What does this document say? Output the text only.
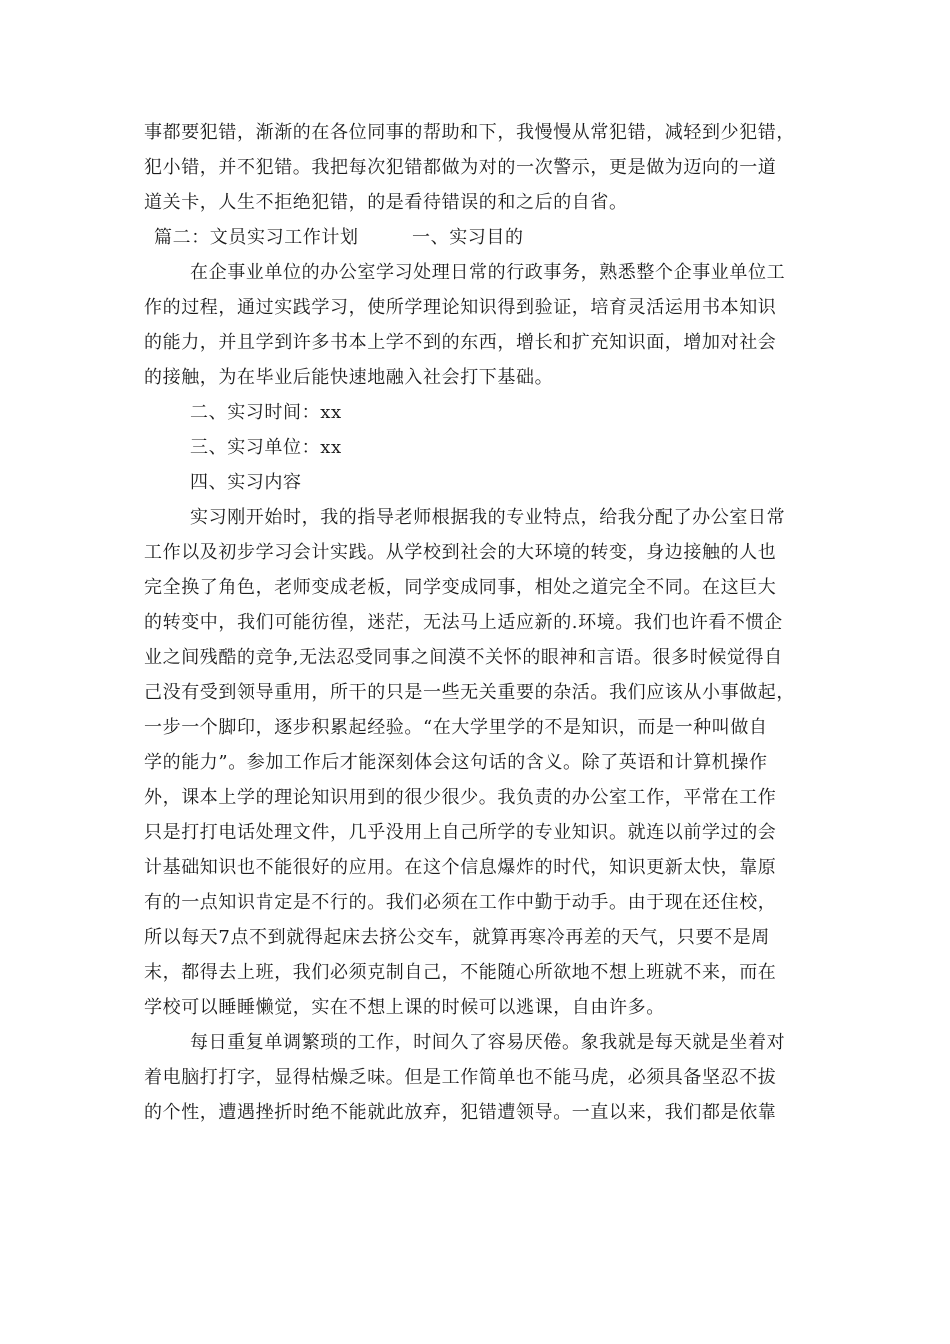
事都要犯错，渐渐的在各位同事的帮助和下，我慢慢从常犯错，减轻到少犯错，
犯小错，并不犯错。我把每次犯错都做为对的一次警示，更是做为迈向的一道
道关卡，人生不拒绝犯错，的是看待错误的和之后的自省。
篇二：文员实习工作计划	一、实习目的
在企事业单位的办公室学习处理日常的行政事务，熟悉整个企事业单位工
作的过程，通过实践学习，使所学理论知识得到验证，培育灵活运用书本知识
的能力，并且学到许多书本上学不到的东西，增长和扩充知识面，增加对社会
的接触，为在毕业后能快速地融入社会打下基础。
二、实习时间：xx
三、实习单位：xx
四、实习内容
实习刚开始时，我的指导老师根据我的专业特点，给我分配了办公室日常
工作以及初步学习会计实践。从学校到社会的大环境的转变，身边接触的人也
完全换了角色，老师变成老板，同学变成同事，相处之道完全不同。在这巨大
的转变中，我们可能彷徨，迷茫，无法马上适应新的.环境。我们也许看不惯企
业之间残酷的竞争,无法忍受同事之间漠不关怀的眼神和言语。很多时候觉得自
己没有受到领导重用，所干的只是一些无关重要的杂活。我们应该从小事做起，
一步一个脚印，逐步积累起经验。“在大学里学的不是知识，而是一种叫做自
学的能力”。参加工作后才能深刻体会这句话的含义。除了英语和计算机操作
外，课本上学的理论知识用到的很少很少。我负责的办公室工作，平常在工作
只是打打电话处理文件，几乎没用上自己所学的专业知识。就连以前学过的会
计基础知识也不能很好的应用。在这个信息爆炸的时代，知识更新太快，靠原
有的一点知识肯定是不行的。我们必须在工作中勤于动手。由于现在还住校，
所以每天7点不到就得起床去挤公交车，就算再寒冷再差的天气，只要不是周
末，都得去上班，我们必须克制自己，不能随心所欲地不想上班就不来，而在
学校可以睡睡懒觉，实在不想上课的时候可以逃课，自由许多。
每日重复单调繁琐的工作，时间久了容易厌倦。象我就是每天就是坐着对
着电脑打打字，显得枯燥乏味。但是工作简单也不能马虎，必须具备坚忍不拔
的个性，遭遇挫折时绝不能就此放弃，犯错遭领导。一直以来，我们都是依靠
